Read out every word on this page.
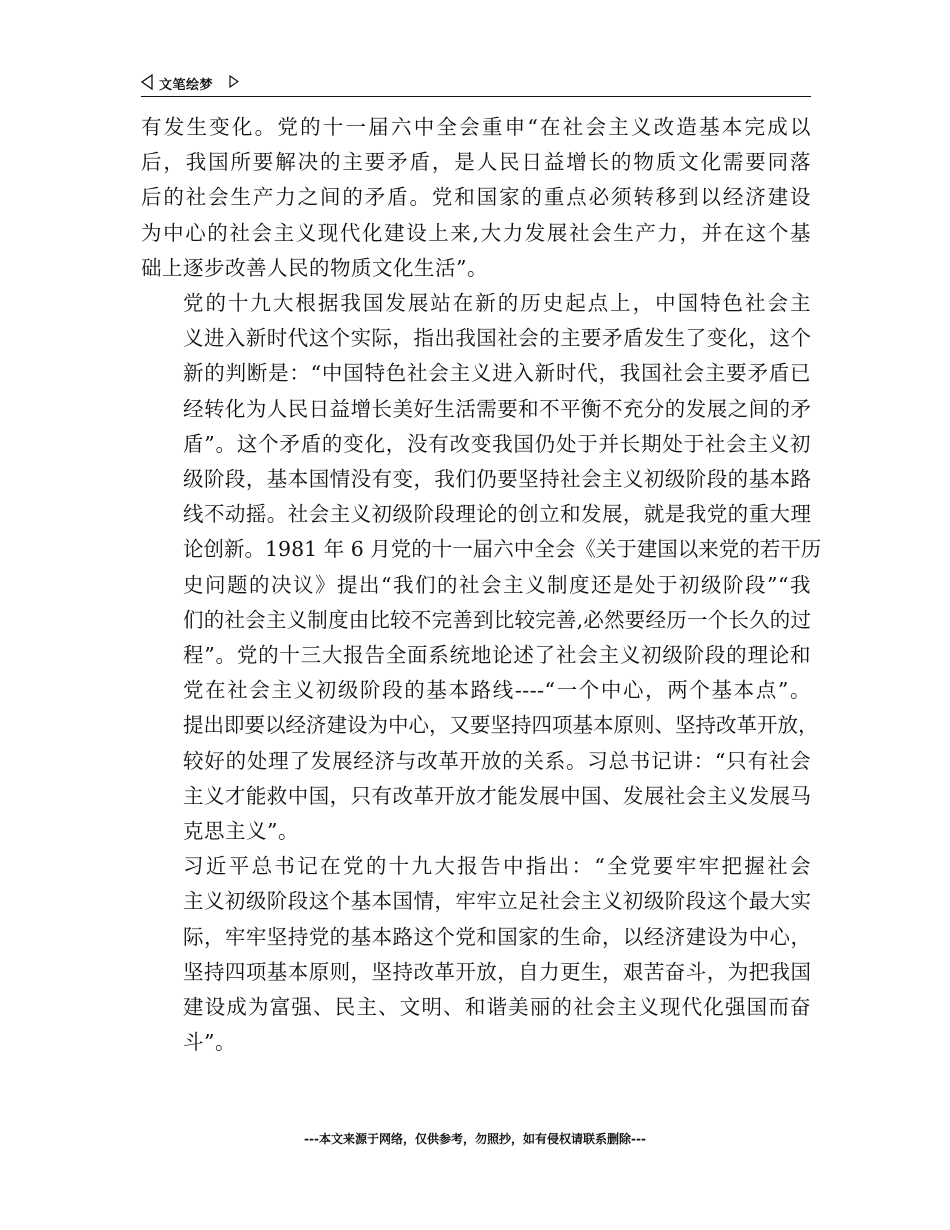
文笔绘梦

有发生变化。党的十一届六中全会重申“在社会主义改造基本完成以
后，我国所要解决的主要矛盾，是人民日益增长的物质文化需要同落
后的社会生产力之间的矛盾。党和国家的重点必须转移到以经济建设
为中心的社会主义现代化建设上来,大力发展社会生产力，并在这个基
础上逐步改善人民的物质文化生活”。

党的十九大根据我国发展站在新的历史起点上，中国特色社会主
义进入新时代这个实际，指出我国社会的主要矛盾发生了变化，这个
新的判断是：“中国特色社会主义进入新时代，我国社会主要矛盾已
经转化为人民日益增长美好生活需要和不平衡不充分的发展之间的矛
盾”。这个矛盾的变化，没有改变我国仍处于并长期处于社会主义初
级阶段，基本国情没有变，我们仍要坚持社会主义初级阶段的基本路
线不动摇。社会主义初级阶段理论的创立和发展，就是我党的重大理
论创新。1981 年 6 月党的十一届六中全会《关于建国以来党的若干历
史问题的决议》提出“我们的社会主义制度还是处于初级阶段”“我
们的社会主义制度由比较不完善到比较完善,必然要经历一个长久的过
程”。党的十三大报告全面系统地论述了社会主义初级阶段的理论和
党在社会主义初级阶段的基本路线----“一个中心，两个基本点”。
提出即要以经济建设为中心，又要坚持四项基本原则、坚持改革开放，
较好的处理了发展经济与改革开放的关系。习总书记讲：“只有社会
主义才能救中国，只有改革开放才能发展中国、发展社会主义发展马
克思主义”。

习近平总书记在党的十九大报告中指出：“全党要牢牢把握社会
主义初级阶段这个基本国情，牢牢立足社会主义初级阶段这个最大实
际，牢牢坚持党的基本路这个党和国家的生命，以经济建设为中心，
坚持四项基本原则，坚持改革开放，自力更生，艰苦奋斗，为把我国
建设成为富强、民主、文明、和谐美丽的社会主义现代化强国而奋
斗”。

---本文来源于网络，仅供参考，勿照抄，如有侵权请联系删除---
